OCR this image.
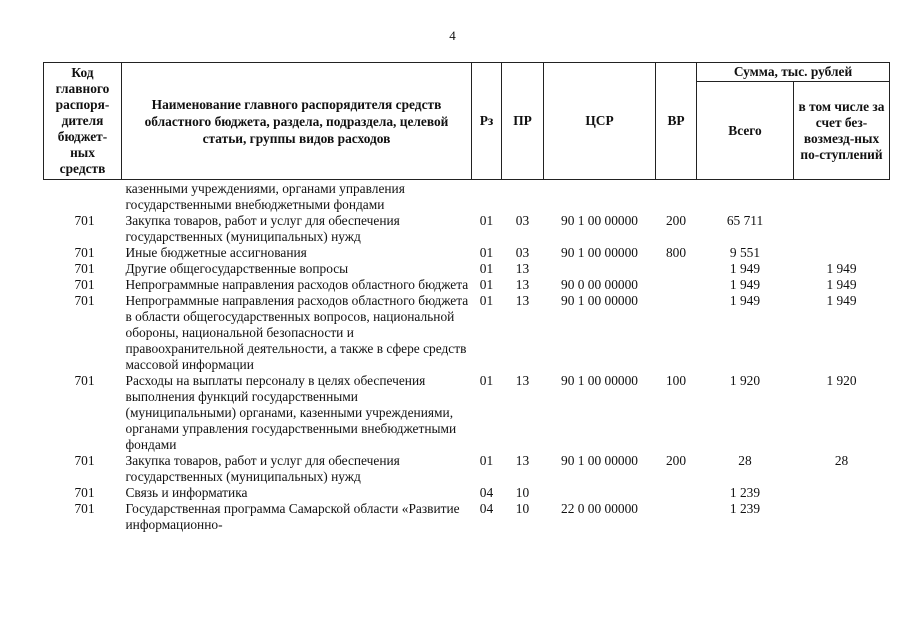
4
Код главного распоря-дителя бюджет-ных средств	Наименование главного распорядителя средств областного бюджета, раздела, подраздела, целевой статьи, группы видов расходов	Рз	ПР	ЦСР	ВР	Сумма, тыс. рублей	
						Всего	в том числе за счет без-возмезд-ных по-ступлений
	казенными учреждениями, органами управления государственными внебюджетными фондами						
701	Закупка товаров, работ и услуг для обеспечения государственных (муниципальных) нужд	01	03	90 1 00 00000	200	65 711	
701	Иные бюджетные ассигнования	01	03	90 1 00 00000	800	9 551	
701	Другие общегосударственные вопросы	01	13			1 949	1 949
701	Непрограммные направления расходов областного бюджета	01	13	90 0 00 00000		1 949	1 949
701	Непрограммные направления расходов областного бюджета в области общегосударственных вопросов, национальной обороны, национальной безопасности и правоохранительной деятельности, а также в сфере средств массовой информации	01	13	90 1 00 00000		1 949	1 949
701	Расходы на выплаты персоналу в целях обеспечения выполнения функций государственными (муниципальными) органами, казенными учреждениями, органами управления государственными внебюджетными фондами	01	13	90 1 00 00000	100	1 920	1 920
701	Закупка товаров, работ и услуг для обеспечения государственных (муниципальных) нужд	01	13	90 1 00 00000	200	28	28
701	Связь и информатика	04	10			1 239	
701	Государственная программа Самарской области «Развитие информационно-	04	10	22 0 00 00000		1 239	
